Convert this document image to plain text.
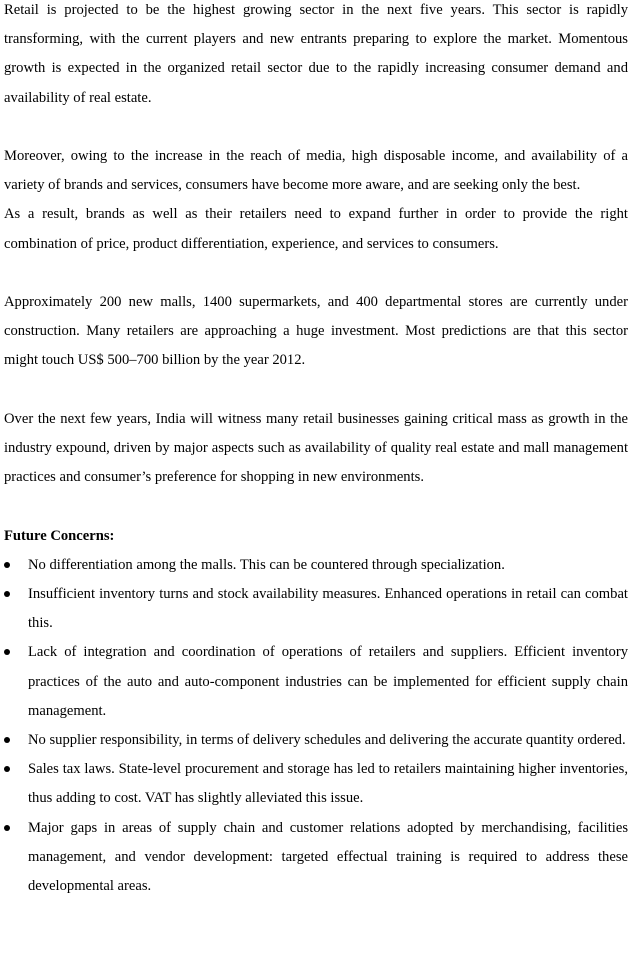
Retail is projected to be the highest growing sector in the next five years. This sector is rapidly transforming, with the current players and new entrants preparing to explore the market. Momentous growth is expected in the organized retail sector due to the rapidly increasing consumer demand and availability of real estate.

Moreover, owing to the increase in the reach of media, high disposable income, and availability of a variety of brands and services, consumers have become more aware, and are seeking only the best.

As a result, brands as well as their retailers need to expand further in order to provide the right combination of price, product differentiation, experience, and services to consumers.

Approximately 200 new malls, 1400 supermarkets, and 400 departmental stores are currently under construction. Many retailers are approaching a huge investment. Most predictions are that this sector might touch US$ 500–700 billion by the year 2012.

Over the next few years, India will witness many retail businesses gaining critical mass as growth in the industry expound, driven by major aspects such as availability of quality real estate and mall management practices and consumer’s preference for shopping in new environments.

Future Concerns:

No differentiation among the malls. This can be countered through specialization.
Insufficient inventory turns and stock availability measures. Enhanced operations in retail can combat this.
Lack of integration and coordination of operations of retailers and suppliers. Efficient inventory practices of the auto and auto-component industries can be implemented for efficient supply chain management.
No supplier responsibility, in terms of delivery schedules and delivering the accurate quantity ordered.
Sales tax laws. State-level procurement and storage has led to retailers maintaining higher inventories, thus adding to cost. VAT has slightly alleviated this issue.
Major gaps in areas of supply chain and customer relations adopted by merchandising, facilities management, and vendor development: targeted effectual training is required to address these developmental areas.
